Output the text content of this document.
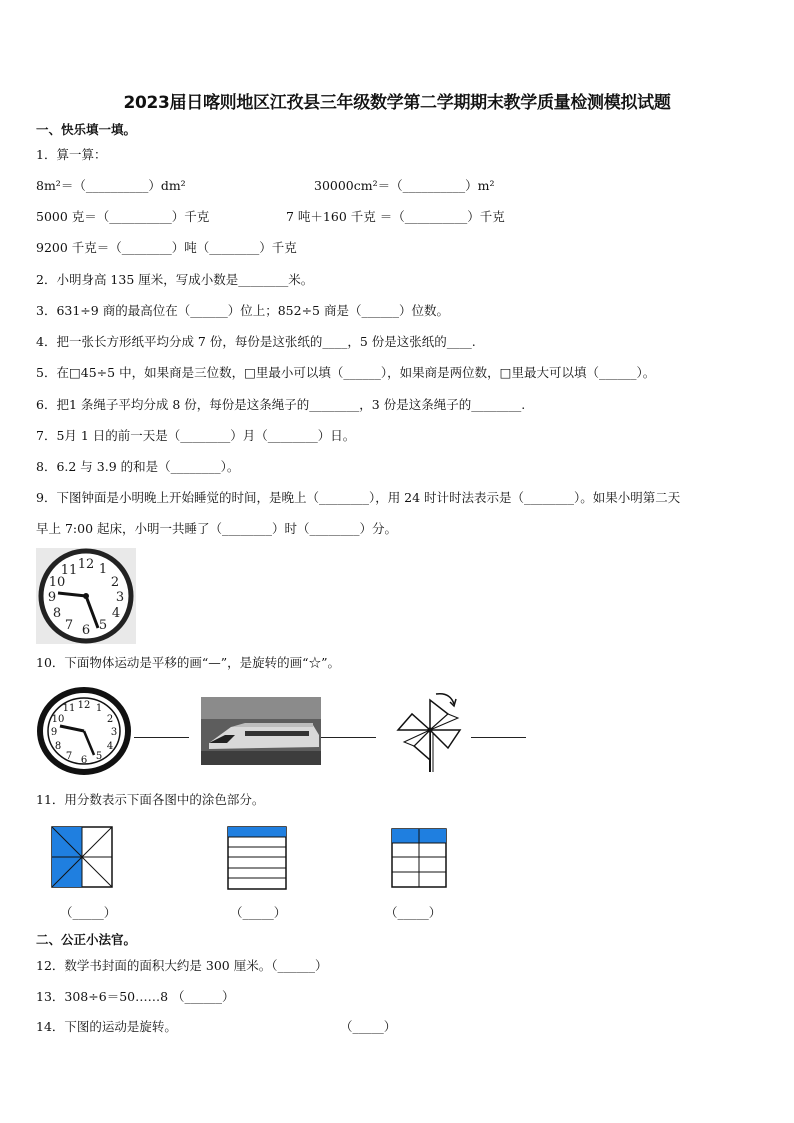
2023届日喀则地区江孜县三年级数学第二学期期末教学质量检测模拟试题
一、快乐填一填。
1．算一算：
8m²＝（__________）dm²	30000cm²＝（__________）m²
5000 克＝（__________）千克	7 吨＋160 千克 ＝（__________）千克
9200 千克＝（________）吨（________）千克
2．小明身高 135 厘米，写成小数是________米。
3．631÷9 商的最高位在（______）位上；852÷5 商是（______）位数。
4．把一张长方形纸平均分成 7 份，每份是这张纸的____，5 份是这张纸的____.
5．在□45÷5 中，如果商是三位数，□里最小可以填（______），如果商是两位数，□里最大可以填（______）。
6．把1 条绳子平均分成 8 份，每份是这条绳子的________，3 份是这条绳子的________.
7．5月 1 日的前一天是（________）月（________）日。
8．6.2 与 3.9 的和是（________）。
9．下图钟面是小明晚上开始睡觉的时间，是晚上（________），用 24 时计时法表示是（________）。如果小明第二天
早上 7:00 起床，小明一共睡了（________）时（________）分。
12 1
2
3
4
5
6
7
8
9
10
11
10．下面物体运动是平移的画“—”，是旋转的画“☆”。
12 1
2
3
4
5
6
7
8
9
10
11
11．用分数表示下面各图中的涂色部分。
（_____）	（_____）	（_____）
二、公正小法官。
12．数学书封面的面积大约是 300 厘米。（______）
13．308÷6＝50……8 （______）
14．下图的运动是旋转。	（_____）
